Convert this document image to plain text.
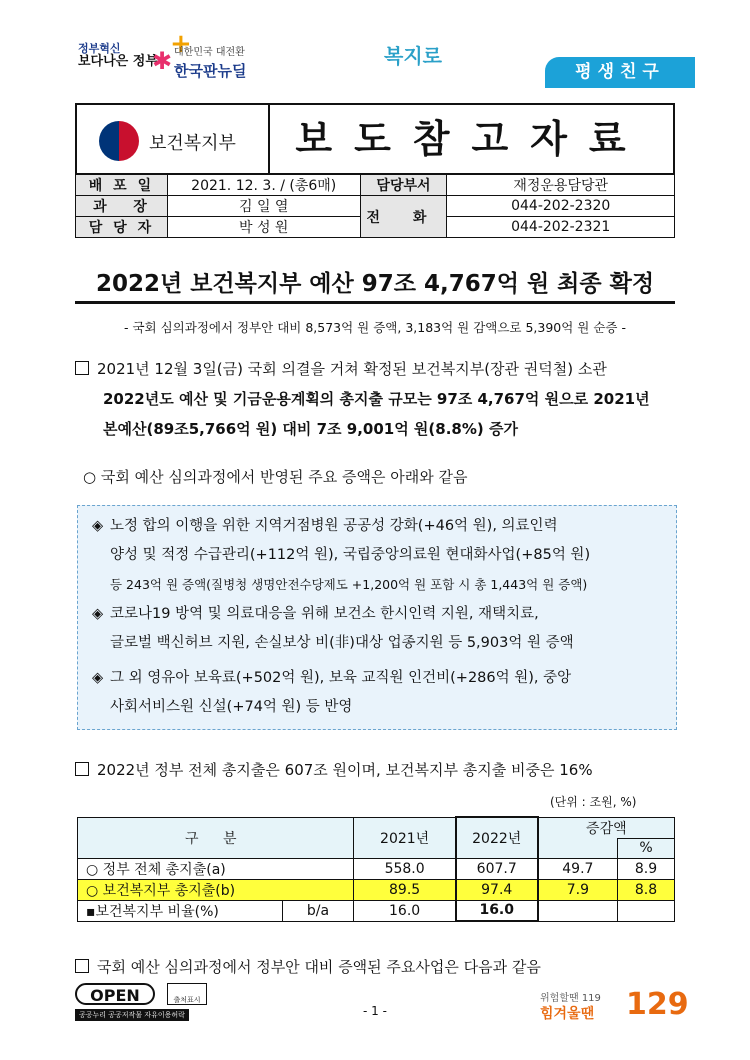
정부혁신
보다나은 정부
+
✱ 대한민국 대전환
한국판뉴딜
복지로
평생친구
보건복지부	보도참고자료
배 포 일	2021. 12. 3. / (총6매)	담당부서	재정운용담당관
과   장	김 일 열	전 화	044-202-2320
담 당 자	박 성 원		044-202-2321
2022년 보건복지부 예산 97조 4,767억 원 최종 확정
- 국회 심의과정에서 정부안 대비 8,573억 원 증액, 3,183억 원 감액으로 5,390억 원 순증 -
2021년 12월 3일(금) 국회 의결을 거쳐 확정된 보건복지부(장관 권덕철) 소관
2022년도 예산 및 기금운용계획의 총지출 규모는 97조 4,767억 원으로 2021년
본예산(89조5,766억 원) 대비 7조 9,001억 원(8.8%) 증가
○ 국회 예산 심의과정에서 반영된 주요 증액은 아래와 같음
◈ 노정 합의 이행을 위한 지역거점병원 공공성 강화(+46억 원), 의료인력
양성 및 적정 수급관리(+112억 원), 국립중앙의료원 현대화사업(+85억 원)
등 243억 원 증액(질병청 생명안전수당제도 +1,200억 원 포함 시 총 1,443억 원 증액)
◈ 코로나19 방역 및 의료대응을 위해 보건소 한시인력 지원, 재택치료,
글로벌 백신허브 지원, 손실보상 비(非)대상 업종지원 등 5,903억 원 증액
◈ 그 외 영유아 보육료(+502억 원), 보육 교직원 인건비(+286억 원), 중앙
사회서비스원 신설(+74억 원) 등 반영
2022년 정부 전체 총지출은 607조 원이며, 보건복지부 총지출 비중은 16%
(단위 : 조원, %)
구 분		2021년	2022년	증감액	
					%
○ 정부 전체 총지출(a)		558.0	607.7	49.7	8.9
○ 보건복지부 총지출(b)		89.5	97.4	7.9	8.8
▪보건복지부 비율(%)	b/a	16.0	16.0		
국회 예산 심의과정에서 정부안 대비 증액된 주요사업은 다음과 같음
OPEN	출처표시
공공누리 공공저작물 자유이용허락	- 1 -
위험할땐 119
힘겨울땐 129
